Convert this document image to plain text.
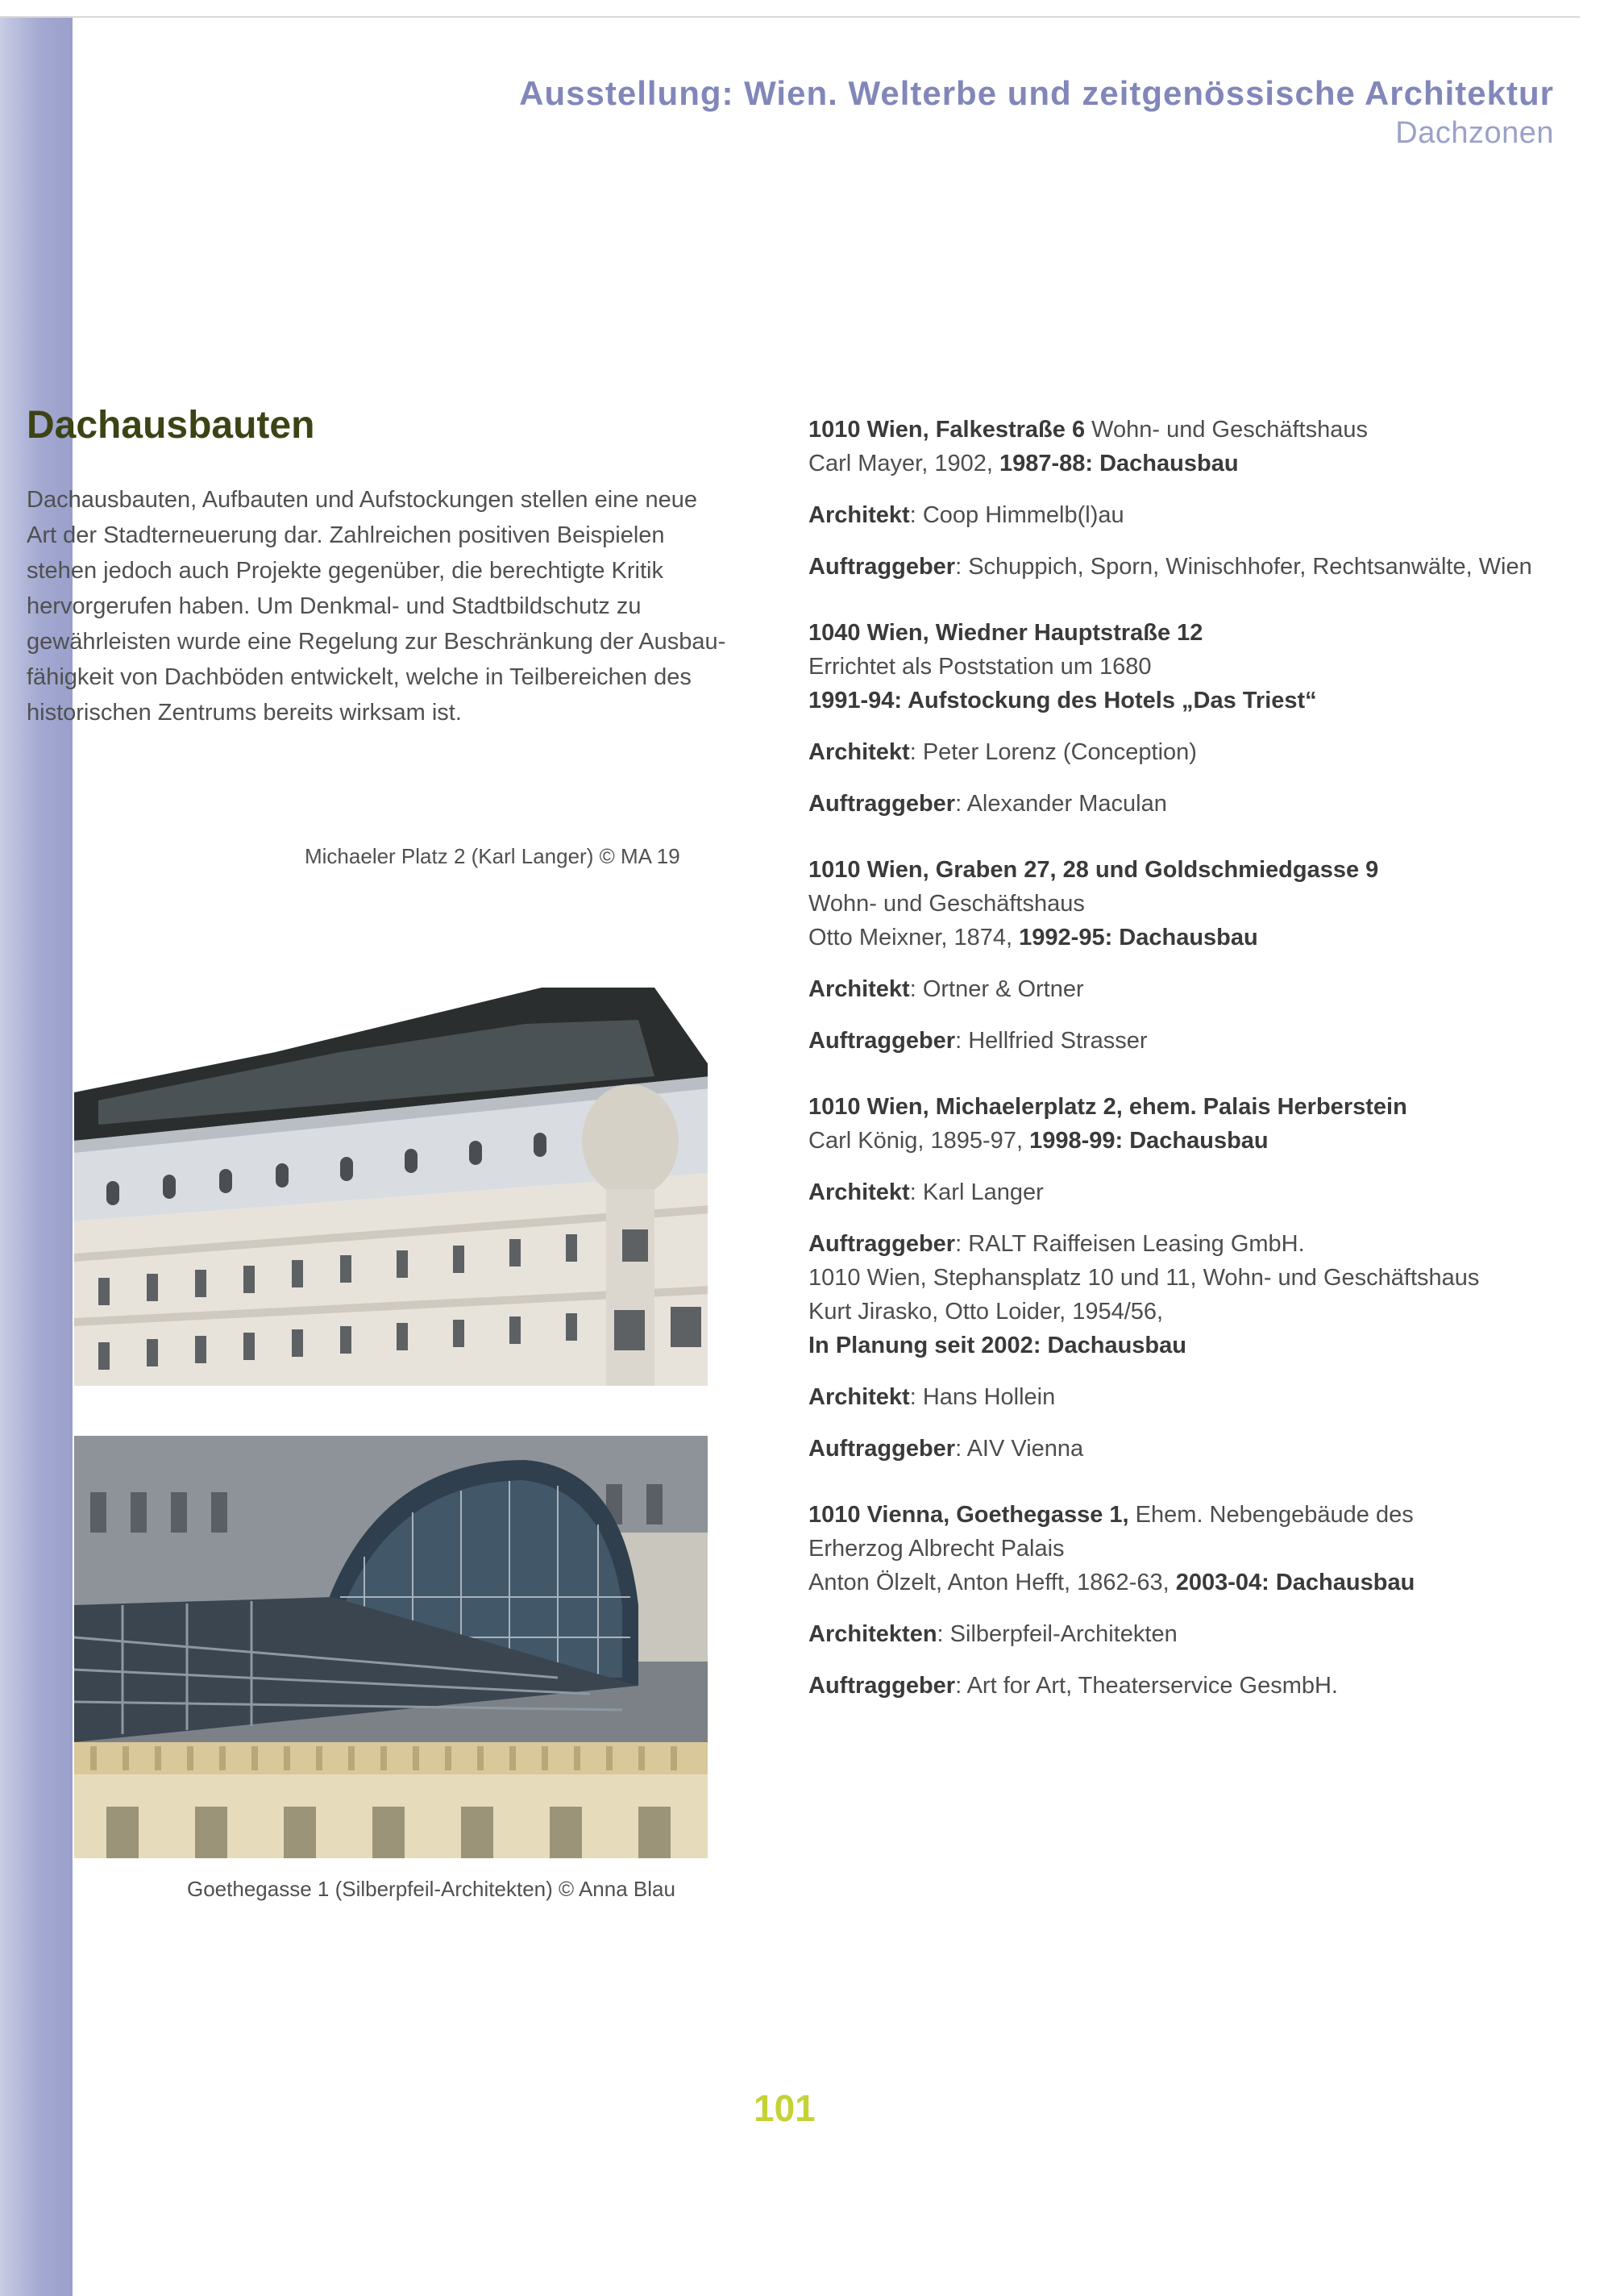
Ausstellung: Wien. Welterbe und zeitgenössische Architektur
Dachzonen
Dachausbauten
Dachausbauten, Aufbauten und Aufstockungen stellen eine neue
Art der Stadterneuerung dar. Zahlreichen positiven Beispielen
stehen jedoch auch Projekte gegenüber, die berechtigte Kritik
hervorgerufen haben. Um Denkmal- und Stadtbildschutz zu
gewährleisten wurde eine Regelung zur Beschränkung der Ausbau-
fähigkeit von Dachböden entwickelt, welche in Teilbereichen des
historischen Zentrums bereits wirksam ist.
Michaeler Platz 2 (Karl Langer) © MA 19
Goethegasse 1 (Silberpfeil-Architekten) © Anna Blau
1010 Wien, Falkestraße 6 Wohn- und Geschäftshaus
Carl Mayer, 1902, 1987-88: Dachausbau
Architekt: Coop Himmelb(l)au
Auftraggeber: Schuppich, Sporn, Winischhofer, Rechtsanwälte, Wien
1040 Wien, Wiedner Hauptstraße 12
Errichtet als Poststation um 1680
1991-94: Aufstockung des Hotels „Das Triest“
Architekt: Peter Lorenz (Conception)
Auftraggeber: Alexander Maculan
1010 Wien, Graben 27, 28 und Goldschmiedgasse 9
Wohn- und Geschäftshaus
Otto Meixner, 1874, 1992-95: Dachausbau
Architekt: Ortner & Ortner
Auftraggeber: Hellfried Strasser
1010 Wien, Michaelerplatz 2, ehem. Palais Herberstein
Carl König, 1895-97, 1998-99: Dachausbau
Architekt: Karl Langer
Auftraggeber: RALT Raiffeisen Leasing GmbH.
1010 Wien, Stephansplatz 10 und 11, Wohn- und Geschäftshaus
Kurt Jirasko, Otto Loider, 1954/56,
In Planung seit 2002: Dachausbau
Architekt: Hans Hollein
Auftraggeber: AIV Vienna
1010 Vienna, Goethegasse 1, Ehem. Nebengebäude des
Erherzog Albrecht Palais
Anton Ölzelt, Anton Hefft, 1862-63, 2003-04: Dachausbau
Architekten: Silberpfeil-Architekten
Auftraggeber: Art for Art, Theaterservice GesmbH.
101
